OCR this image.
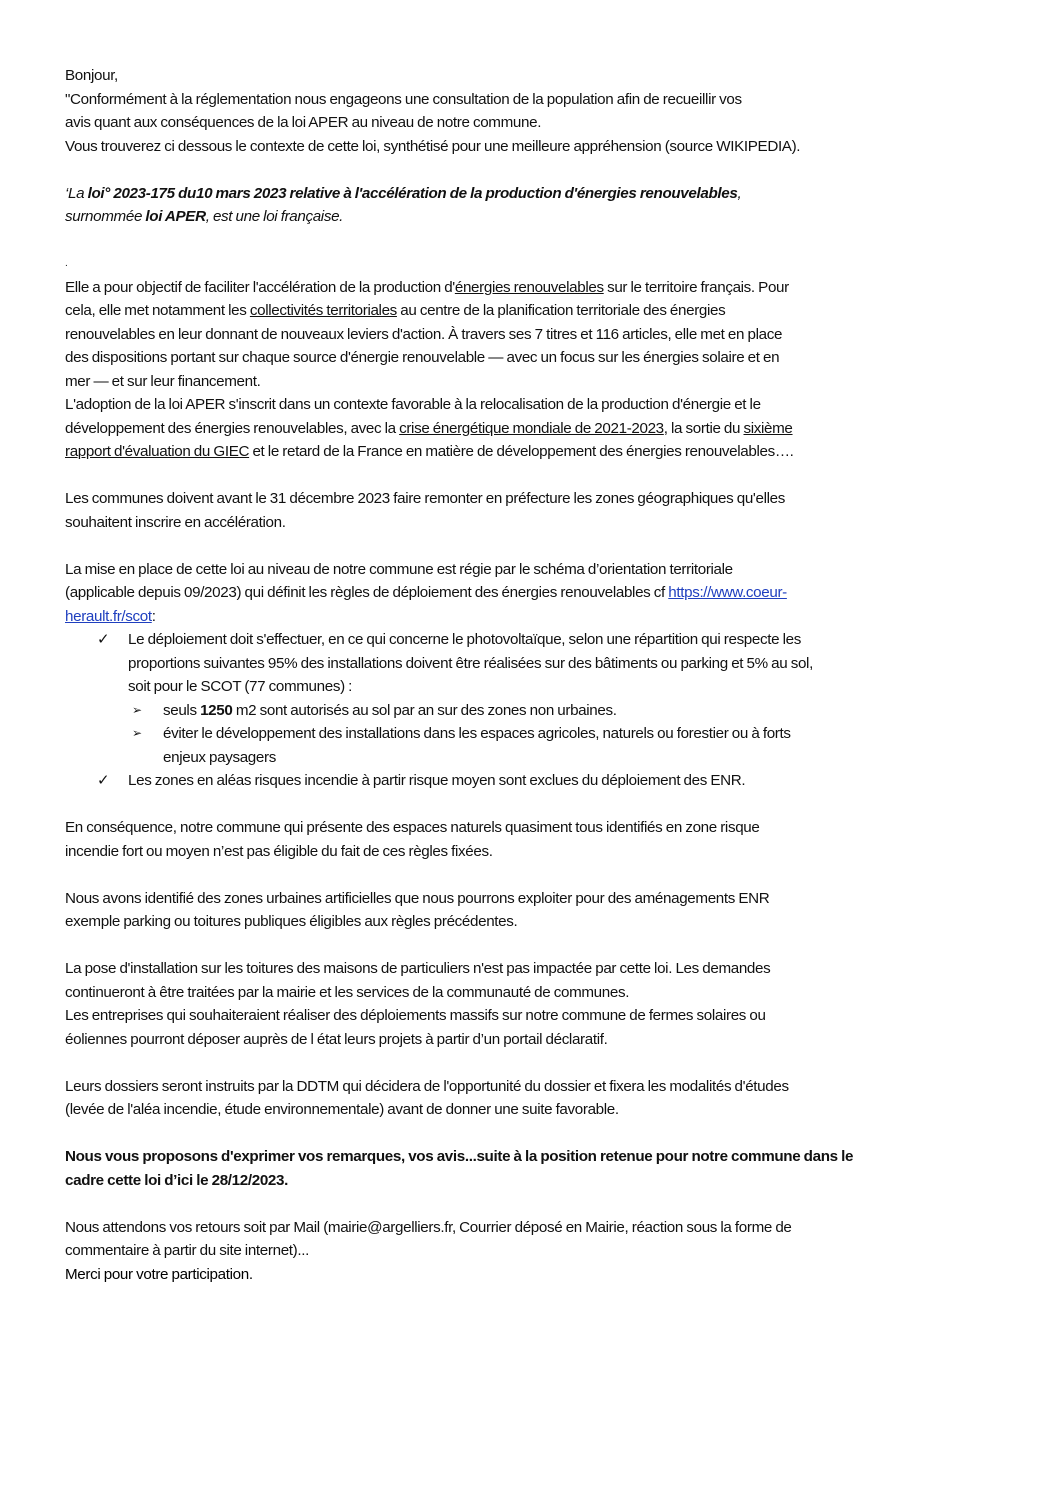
Bonjour,
"Conformément à la réglementation nous engageons une consultation de la population afin de recueillir vos
avis quant aux conséquences de la loi APER au niveau de notre commune.
Vous trouverez ci dessous le contexte de cette loi, synthétisé pour une meilleure appréhension (source WIKIPEDIA).
‘La loi° 2023-175 du10 mars 2023 relative à l'accélération de la production d'énergies renouvelables,
surnommée loi APER, est une loi française.
.
Elle a pour objectif de faciliter l'accélération de la production d'énergies renouvelables sur le territoire français. Pour
cela, elle met notamment les collectivités territoriales au centre de la planification territoriale des énergies
renouvelables en leur donnant de nouveaux leviers d'action. À travers ses 7 titres et 116 articles, elle met en place
des dispositions portant sur chaque source d'énergie renouvelable — avec un focus sur les énergies solaire et en
mer — et sur leur financement.
L'adoption de la loi APER s'inscrit dans un contexte favorable à la relocalisation de la production d'énergie et le
développement des énergies renouvelables, avec la crise énergétique mondiale de 2021-2023, la sortie du sixième
rapport d'évaluation du GIEC et le retard de la France en matière de développement des énergies renouvelables….
Les communes doivent avant le 31 décembre 2023 faire remonter en préfecture les zones géographiques qu'elles
souhaitent inscrire en accélération.
La mise en place de cette loi au niveau de notre commune est régie par le schéma d’orientation territoriale
(applicable depuis 09/2023) qui définit les règles de déploiement des énergies renouvelables cf https://www.coeur-
herault.fr/scot:
✓ Le déploiement doit s'effectuer, en ce qui concerne le photovoltaïque, selon une répartition qui respecte les
proportions suivantes 95% des installations doivent être réalisées sur des bâtiments ou parking et 5% au sol,
soit pour le SCOT (77 communes) :
➢ seuls 1250 m2 sont autorisés au sol par an sur des zones non urbaines.
➢ éviter le développement des installations dans les espaces agricoles, naturels ou forestier ou à forts
enjeux paysagers
✓ Les zones en aléas risques incendie à partir risque moyen sont exclues du déploiement des ENR.
En conséquence, notre commune qui présente des espaces naturels quasiment tous identifiés en zone risque
incendie fort ou moyen n’est pas éligible du fait de ces règles fixées.
Nous avons identifié des zones urbaines artificielles que nous pourrons exploiter pour des aménagements ENR
exemple parking ou toitures publiques éligibles aux règles précédentes.
La pose d'installation sur les toitures des maisons de particuliers n'est pas impactée par cette loi. Les demandes
continueront à être traitées par la mairie et les services de la communauté de communes.
Les entreprises qui souhaiteraient réaliser des déploiements massifs sur notre commune de fermes solaires ou
éoliennes pourront déposer auprès de l état leurs projets à partir d’un portail déclaratif.
Leurs dossiers seront instruits par la DDTM qui décidera de l'opportunité du dossier et fixera les modalités d'études
(levée de l'aléa incendie, étude environnementale) avant de donner une suite favorable.
Nous vous proposons d'exprimer vos remarques, vos avis...suite à la position retenue pour notre commune dans le
cadre cette loi d’ici le 28/12/2023.
Nous attendons vos retours soit par Mail (mairie@argelliers.fr, Courrier déposé en Mairie, réaction sous la forme de
commentaire à partir du site internet)...
Merci pour votre participation.
